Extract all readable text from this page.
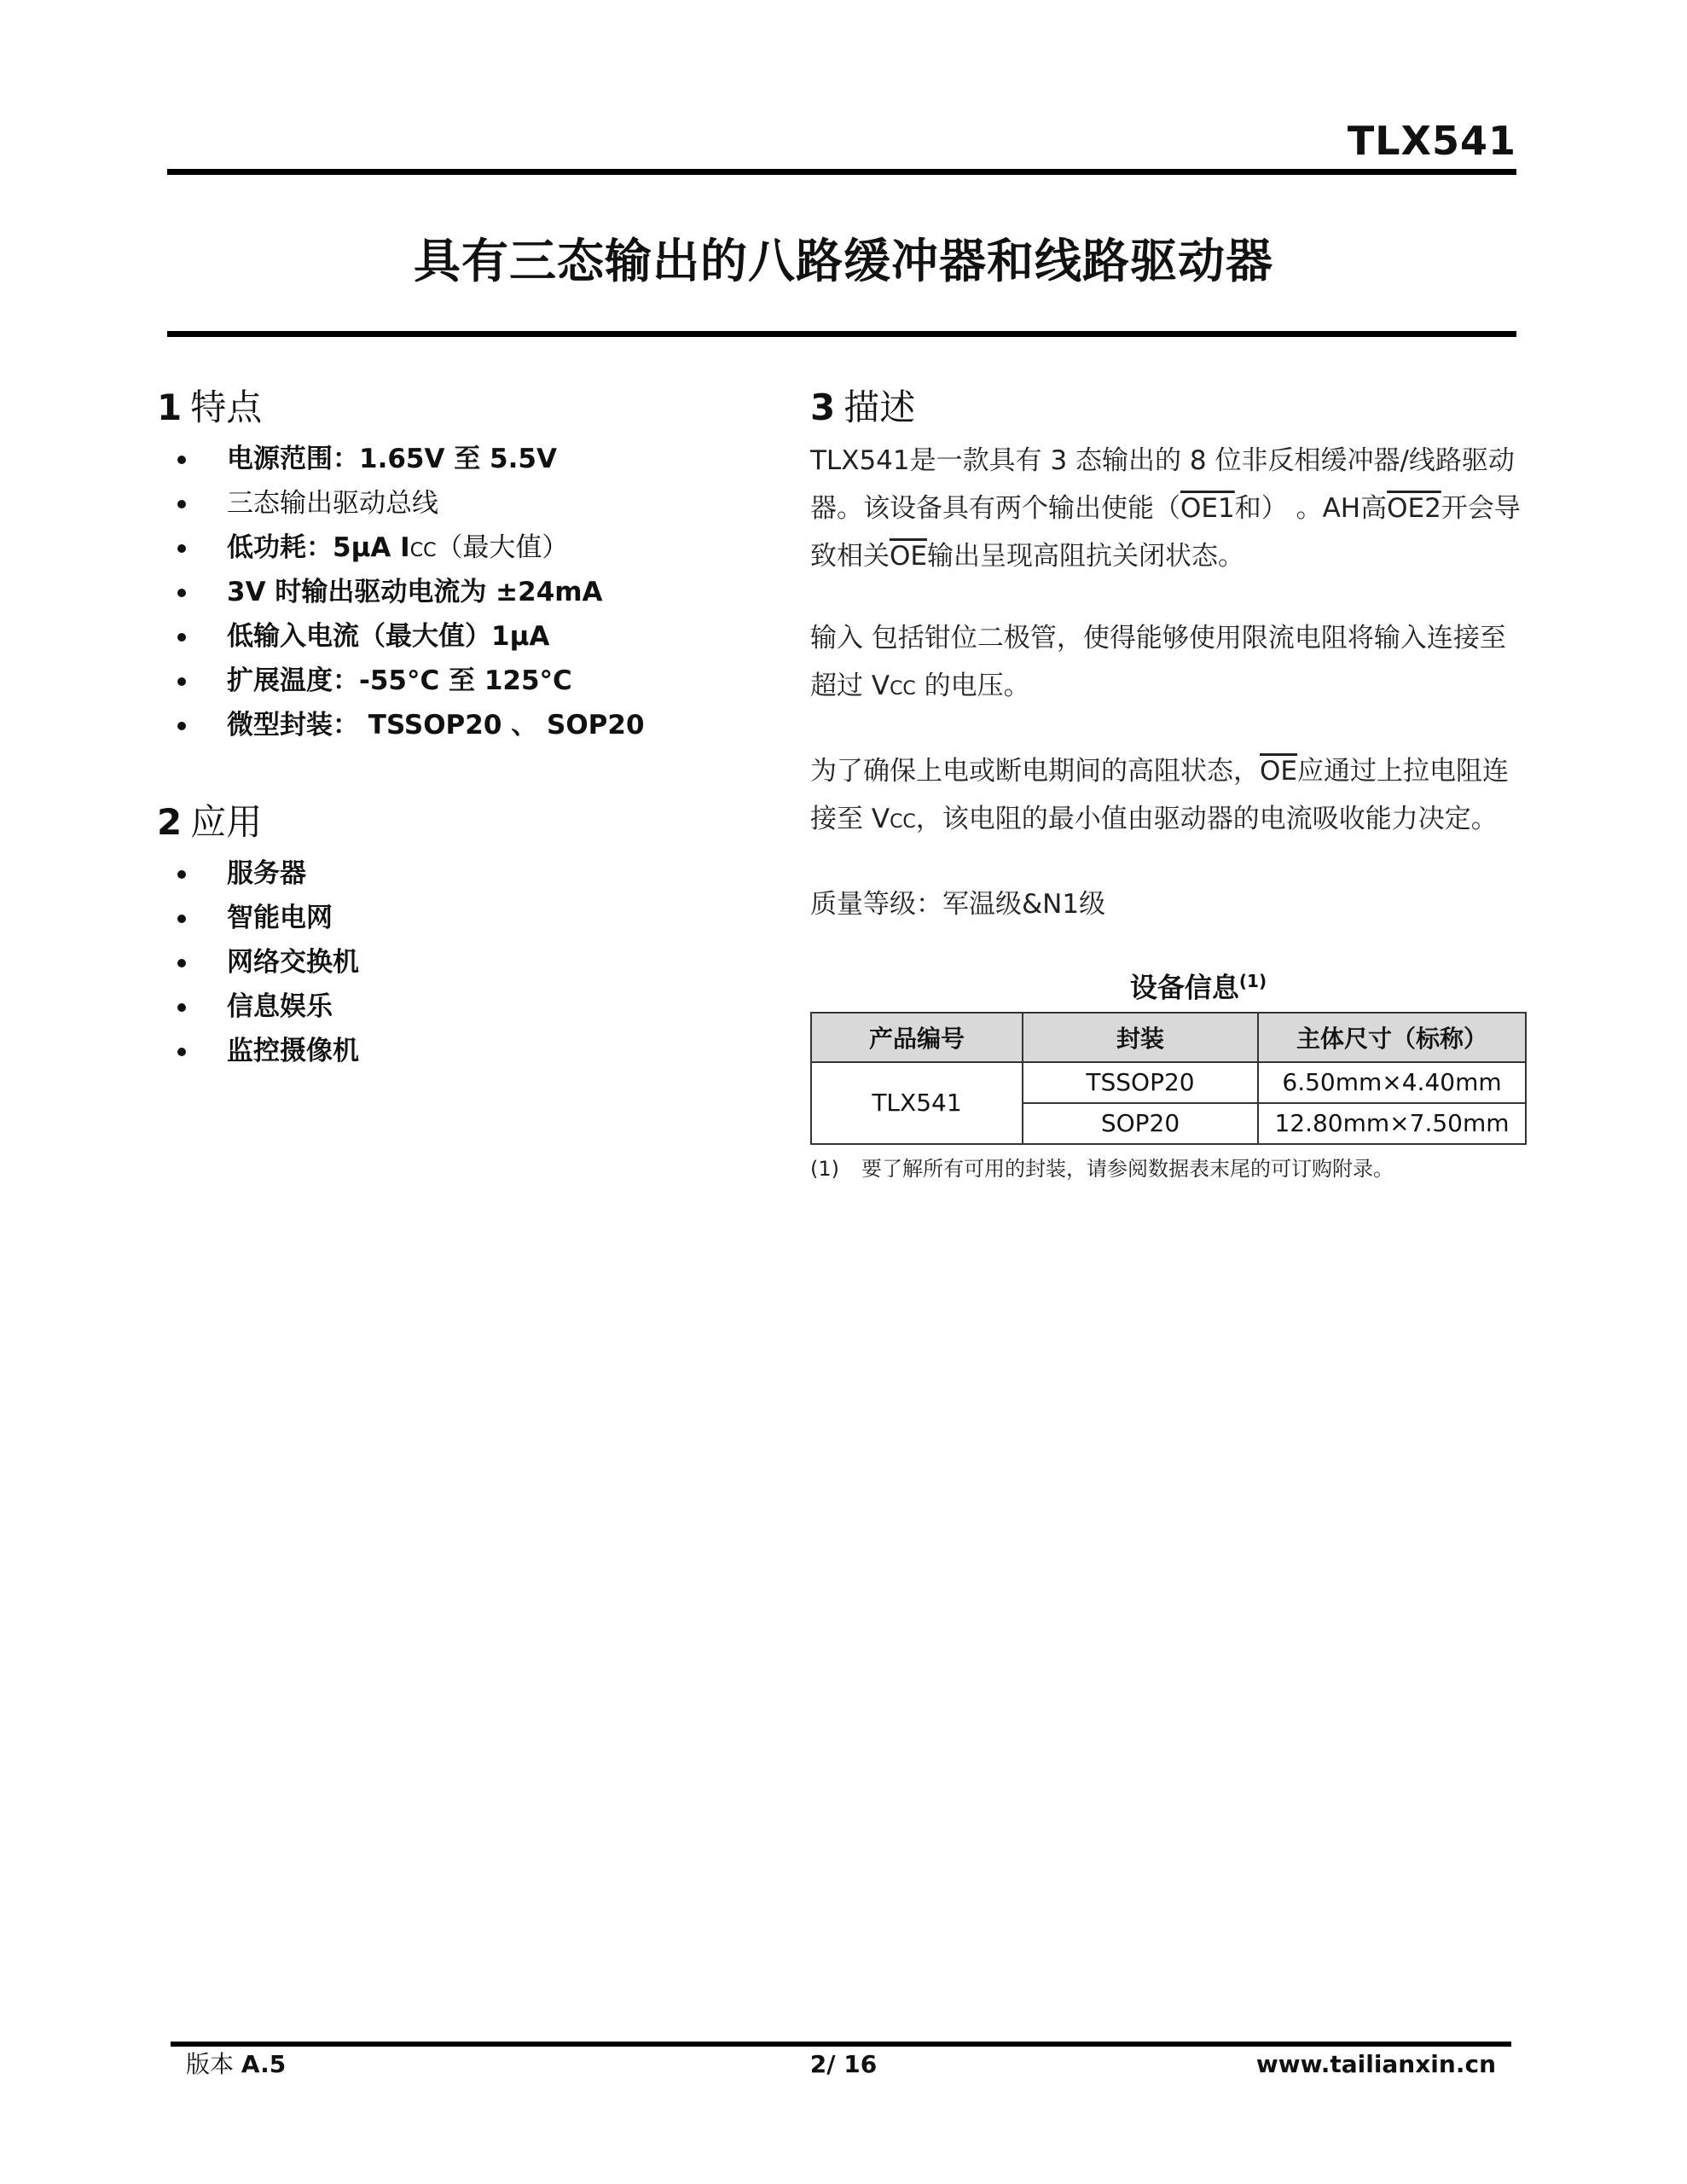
TLX541
具有三态输出的八路缓冲器和线路驱动器
1 特点
电源范围：1.65V 至 5.5V
三态输出驱动总线
低功耗：5μA ICC（最大值）
3V 时输出驱动电流为 ±24mA
低输入电流（最大值）1μA
扩展温度：-55°C 至 125°C
微型封装： TSSOP20 、 SOP20
2 应用
服务器
智能电网
网络交换机
信息娱乐
监控摄像机
3 描述

TLX541是一款具有 3 态输出的 8 位非反相缓冲器/线路驱动器。该设备具有两个输出使能（OE1和） 。AH高OE2开会导致相关$\overline{OE}$输出呈现高阻抗关闭状态。

输入 包括钳位二极管，使得能够使用限流电阻将输入连接至超过 VCC 的电压。

为了确保上电或断电期间的高阻状态，$\overline{OE}$应通过上拉电阻连接至 VCC，该电阻的最小值由驱动器的电流吸收能力决定。

质量等级：军温级&N1级

设备信息$^{(1)}$
产品编号	封装	主体尺寸（标称）
TLX541	TSSOP20	6.50mm×4.40mm
	SOP20	12.80mm×7.50mm
(1) 要了解所有可用的封装，请参阅数据表末尾的可订购附录。
版本 A.5	2/ 16	www.tailianxin.cn
